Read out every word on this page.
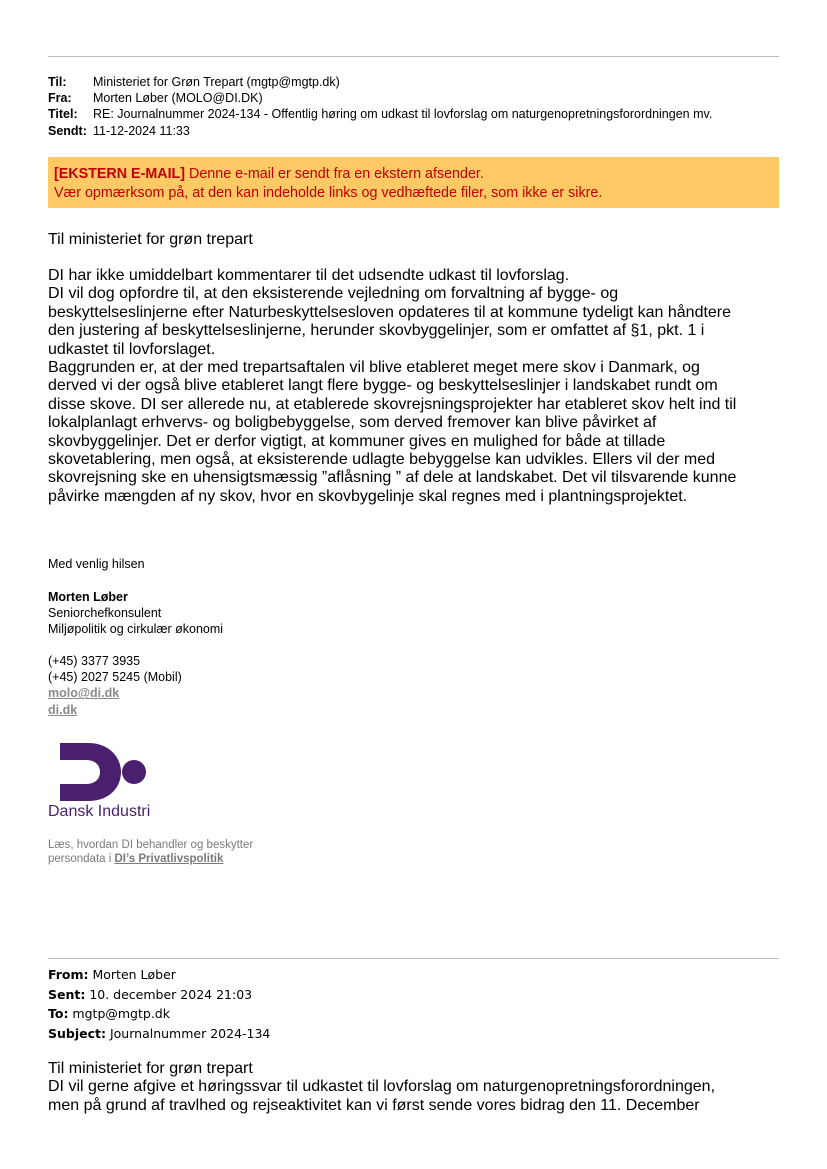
Til:	Ministeriet for Grøn Trepart (mgtp@mgtp.dk)
Fra:	Morten Løber (MOLO@DI.DK)
Titel:	RE: Journalnummer 2024-134 - Offentlig høring om udkast til lovforslag om naturgenopretningsforordningen mv.
Sendt: 11-12-2024 11:33
[EKSTERN E-MAIL] Denne e-mail er sendt fra en ekstern afsender.
Vær opmærksom på, at den kan indeholde links og vedhæftede filer, som ikke er sikre.
Til ministeriet for grøn trepart

DI har ikke umiddelbart kommentarer til det udsendte udkast til lovforslag.

DI vil dog opfordre til, at den eksisterende vejledning om forvaltning af bygge- og

beskyttelseslinjerne efter Naturbeskyttelsesloven opdateres til at kommune tydeligt kan håndtere

den justering af beskyttelseslinjerne, herunder skovbyggelinjer, som er omfattet af §1, pkt. 1 i

udkastet til lovforslaget.

Baggrunden er, at der med trepartsaftalen vil blive etableret meget mere skov i Danmark, og

derved vi der også blive etableret langt flere bygge- og beskyttelseslinjer i landskabet rundt om

disse skove. DI ser allerede nu, at etablerede skovrejsningsprojekter har etableret skov helt ind til

lokalplanlagt erhvervs- og boligbebyggelse, som derved fremover kan blive påvirket af

skovbyggelinjer. Det er derfor vigtigt, at kommuner gives en mulighed for både at tillade

skovetablering, men også, at eksisterende udlagte bebyggelse kan udvikles. Ellers vil der med

skovrejsning ske en uhensigtsmæssig ”aflåsning ” af dele at landskabet. Det vil tilsvarende kunne

påvirke mængden af ny skov, hvor en skovbygelinje skal regnes med i plantningsprojektet.

Med venlig hilsen
Morten Løber
Seniorchefkonsulent
Miljøpolitik og cirkulær økonomi
(+45) 3377 3935
(+45) 2027 5245 (Mobil)
molo@di.dk
di.dk
Dansk Industri
Læs, hvordan DI behandler og beskytter
persondata i DI’s Privatlivspolitik
From: Morten Løber
Sent: 10. december 2024 21:03
To: mgtp@mgtp.dk
Subject: Journalnummer 2024-134

Til ministeriet for grøn trepart

DI vil gerne afgive et høringssvar til udkastet til lovforslag om naturgenopretningsforordningen,

men på grund af travlhed og rejseaktivitet kan vi først sende vores bidrag den 11. December
